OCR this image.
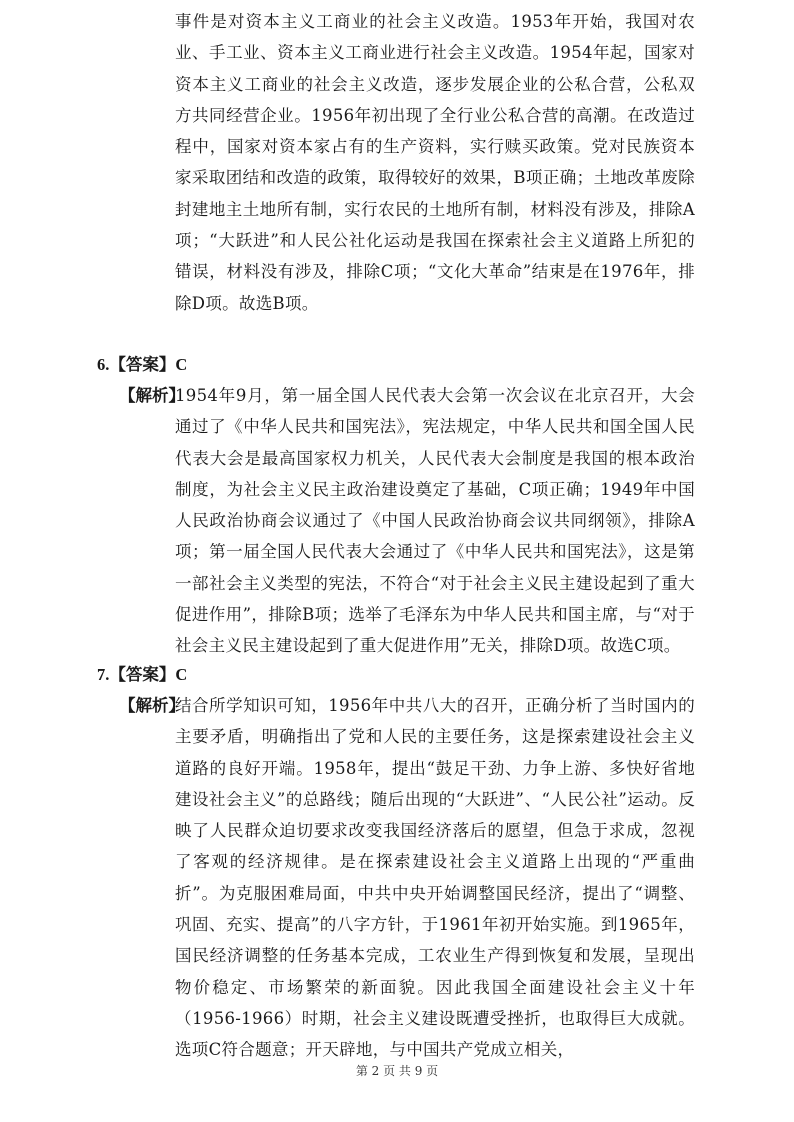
事件是对资本主义工商业的社会主义改造。1953年开始，我国对农业、手工业、资本主义工商业进行社会主义改造。1954年起，国家对资本主义工商业的社会主义改造，逐步发展企业的公私合营，公私双方共同经营企业。1956年初出现了全行业公私合营的高潮。在改造过程中，国家对资本家占有的生产资料，实行赎买政策。党对民族资本家采取团结和改造的政策，取得较好的效果，B项正确；土地改革废除封建地主土地所有制，实行农民的土地所有制，材料没有涉及，排除A项；“大跃进”和人民公社化运动是我国在探索社会主义道路上所犯的错误，材料没有涉及，排除C项；“文化大革命”结束是在1976年，排除D项。故选B项。
6.【答案】C
【解析】
1954年9月，第一届全国人民代表大会第一次会议在北京召开，大会通过了《中华人民共和国宪法》，宪法规定，中华人民共和国全国人民代表大会是最高国家权力机关，人民代表大会制度是我国的根本政治制度，为社会主义民主政治建设奠定了基础，C项正确；1949年中国人民政治协商会议通过了《中国人民政治协商会议共同纲领》，排除A项；第一届全国人民代表大会通过了《中华人民共和国宪法》，这是第一部社会主义类型的宪法，不符合“对于社会主义民主建设起到了重大促进作用”，排除B项；选举了毛泽东为中华人民共和国主席，与“对于社会主义民主建设起到了重大促进作用”无关，排除D项。故选C项。
7.【答案】C
【解析】
结合所学知识可知，1956年中共八大的召开，正确分析了当时国内的主要矛盾，明确指出了党和人民的主要任务，这是探索建设社会主义道路的良好开端。1958年，提出“鼓足干劲、力争上游、多快好省地建设社会主义”的总路线；随后出现的“大跃进”、“人民公社”运动。反映了人民群众迫切要求改变我国经济落后的愿望，但急于求成，忽视了客观的经济规律。是在探索建设社会主义道路上出现的“严重曲折”。为克服困难局面，中共中央开始调整国民经济，提出了“调整、巩固、充实、提高”的八字方针，于1961年初开始实施。到1965年，国民经济调整的任务基本完成，工农业生产得到恢复和发展，呈现出物价稳定、市场繁荣的新面貌。因此我国全面建设社会主义十年（1956-1966）时期，社会主义建设既遭受挫折，也取得巨大成就。选项C符合题意；开天辟地，与中国共产党成立相关，
第 2 页 共 9 页
